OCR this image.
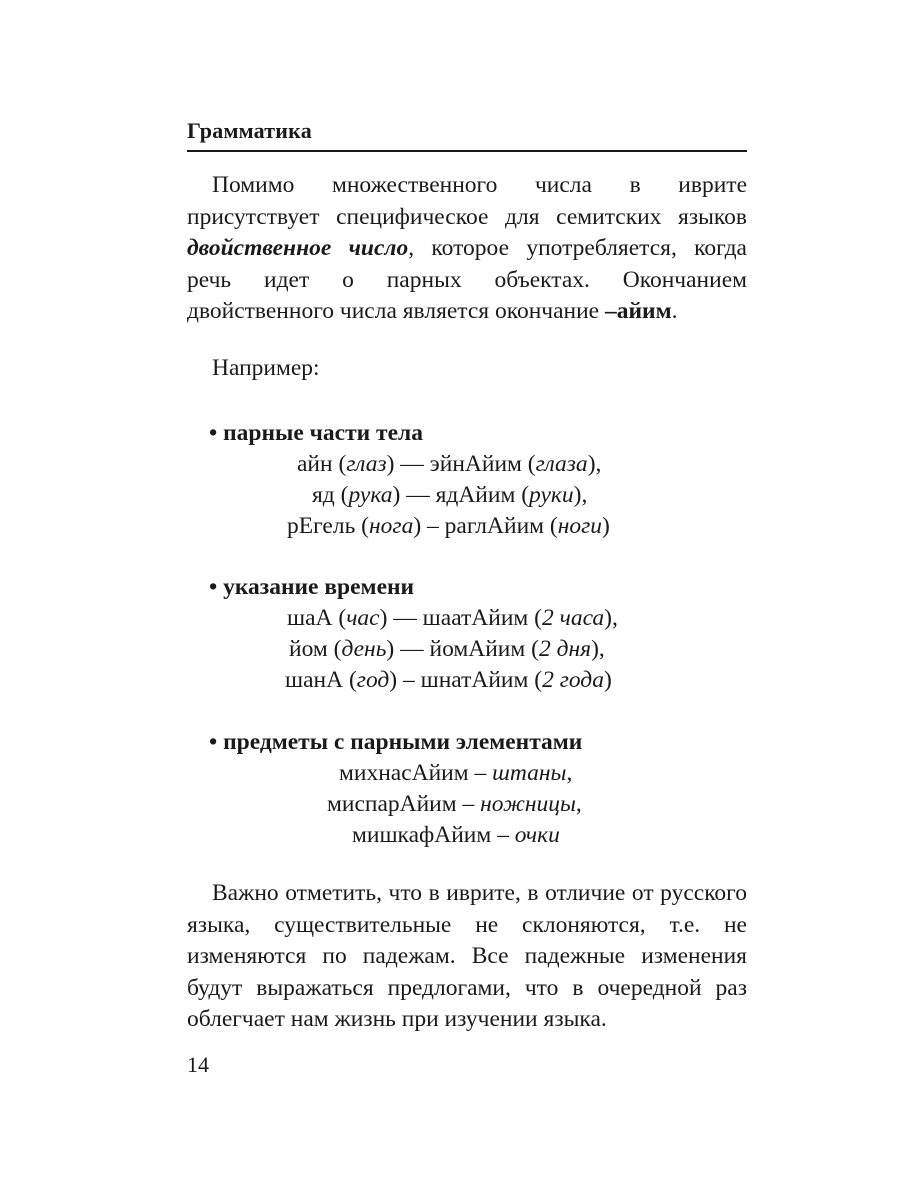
Грамматика

Помимо множественного числа в иврите присутствует специфическое для семитских языков двойственное число, которое употребляется, когда речь идет о парных объектах. Окончанием двойственного числа является окончание –айим.

Например:
• парные части тела
айн (глаз) — эйнАйим (глаза),
яд (рука) — ядАйим (руки),
рЕгель (нога) – раглАйим (ноги)
• указание времени
шаА (час) — шаатАйим (2 часа),
йом (день) — йомАйим (2 дня),
шанА (год) – шнатАйим (2 года)
• предметы с парными элементами
михнасАйим – штаны,
миспарАйим – ножницы,
мишкафАйим – очки

Важно отметить, что в иврите, в отличие от русского языка, существительные не склоняются, т.е. не изменяются по падежам. Все падежные изменения будут выражаться предлогами, что в очередной раз облегчает нам жизнь при изучении языка.

14
